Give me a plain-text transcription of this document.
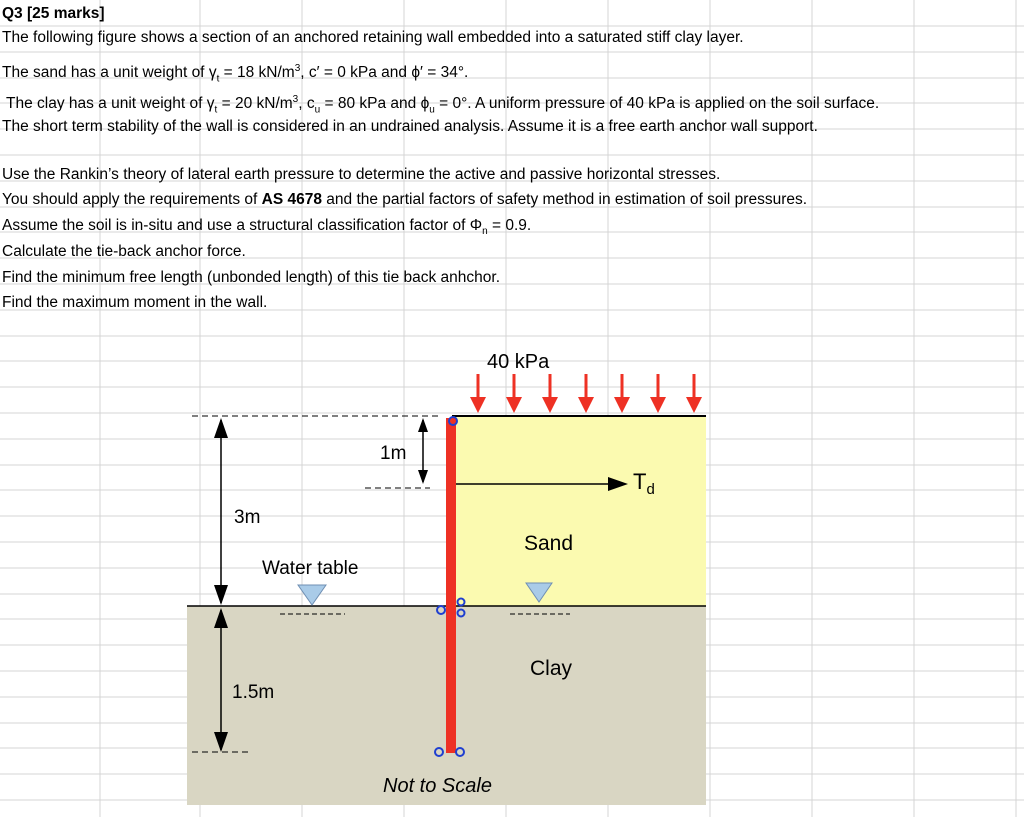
Q3 [25 marks]
The following figure shows a section of an anchored retaining wall embedded into a saturated stiff clay layer.
The sand has a unit weight of $\gamma_t = 18$ $kN/m^3$, c′ = 0 kPa and ϕ′ = 34°.
The clay has a unit weight of $\gamma_t = 20$ $kN/m^3$, $c_u = 80$ kPa and $\phi_u = 0^\circ$. A uniform pressure of 40 kPa is applied on the soil surface.
The short term stability of the wall is considered in an undrained analysis. Assume it is a free earth anchor wall support.
Use the Rankin’s theory of lateral earth pressure to determine the active and passive horizontal stresses.
You should apply the requirements of AS 4678 and the partial factors of safety method in estimation of soil pressures.
Assume the soil is in-situ and use a structural classification factor of $\Phi_n = 0.9$.
Calculate the tie-back anchor force.
Find the minimum free length (unbonded length) of this tie back anhchor.
Find the maximum moment in the wall.
40 kPa
$T_d$
1m
3m
1.5m
Water table
Sand
Clay
Not to Scale
